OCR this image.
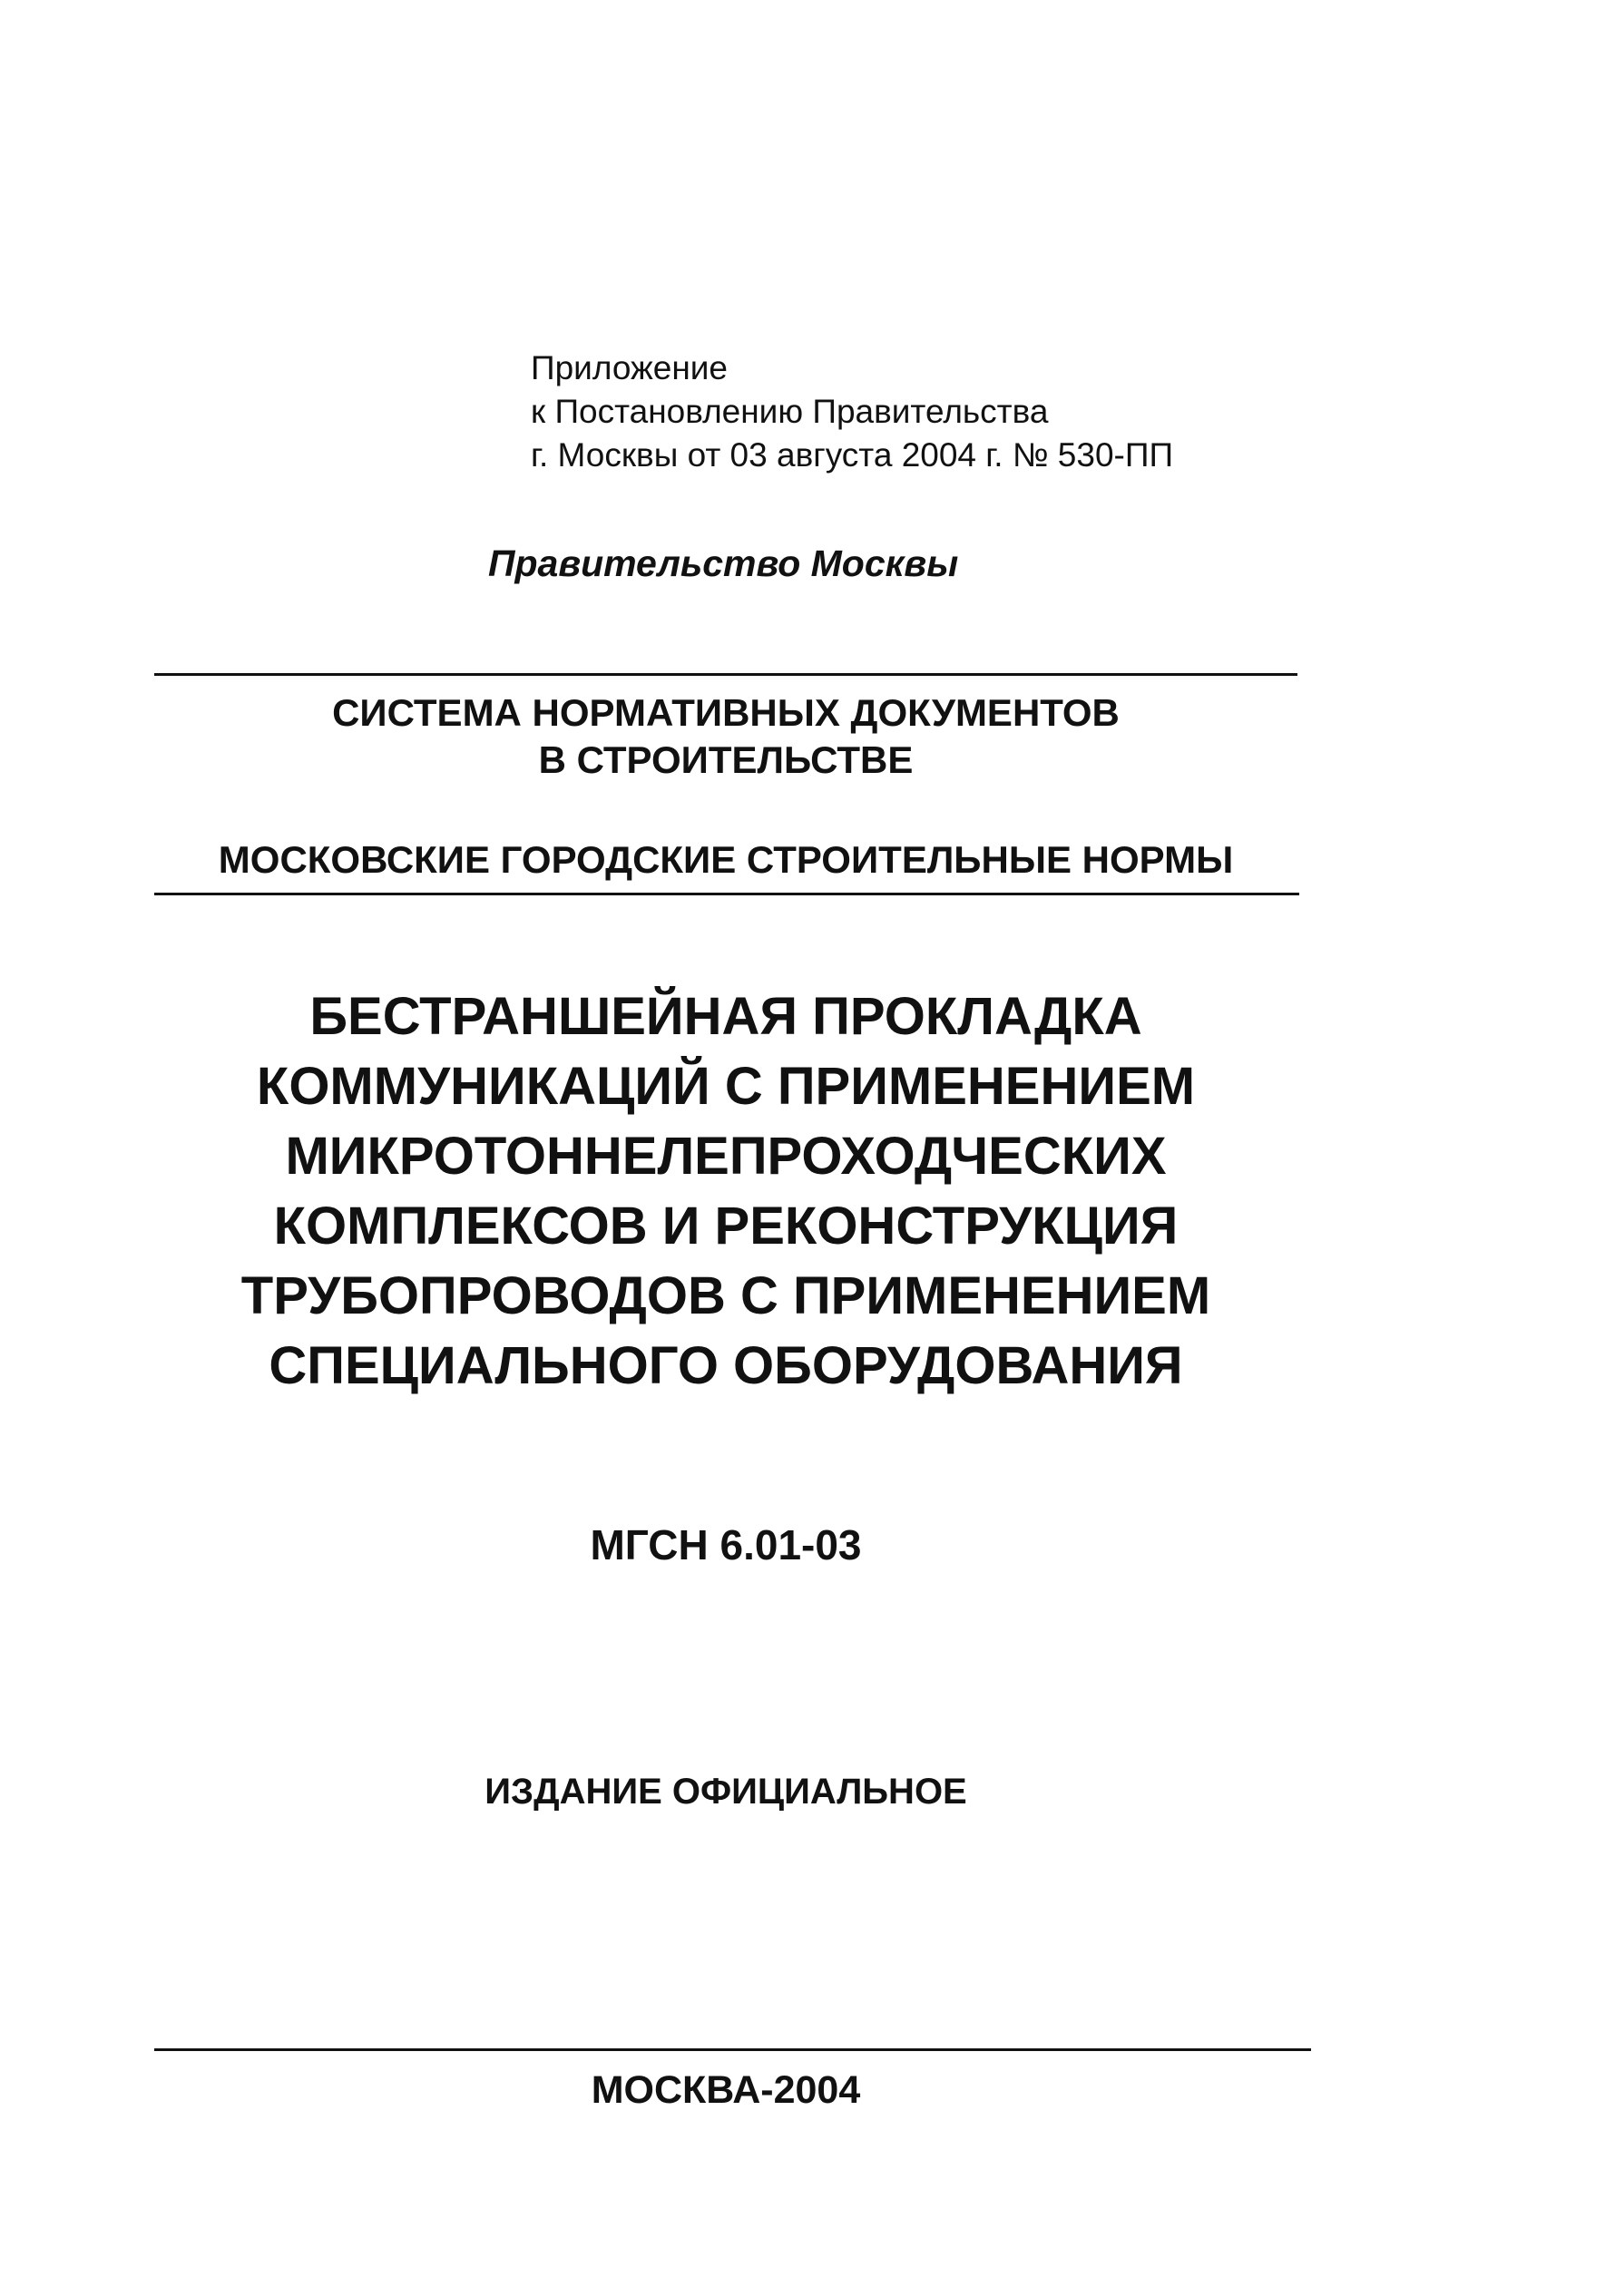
Приложение
к Постановлению Правительства
г. Москвы от 03 августа 2004 г. № 530-ПП
Правительство Москвы
СИСТЕМА НОРМАТИВНЫХ ДОКУМЕНТОВ
В СТРОИТЕЛЬСТВЕ
МОСКОВСКИЕ ГОРОДСКИЕ СТРОИТЕЛЬНЫЕ НОРМЫ
БЕСТРАНШЕЙНАЯ ПРОКЛАДКА
КОММУНИКАЦИЙ С ПРИМЕНЕНИЕМ
МИКРОТОННЕЛЕПРОХОДЧЕСКИХ
КОМПЛЕКСОВ И РЕКОНСТРУКЦИЯ
ТРУБОПРОВОДОВ С ПРИМЕНЕНИЕМ
СПЕЦИАЛЬНОГО ОБОРУДОВАНИЯ
МГСН 6.01-03
ИЗДАНИЕ ОФИЦИАЛЬНОЕ
МОСКВА-2004
